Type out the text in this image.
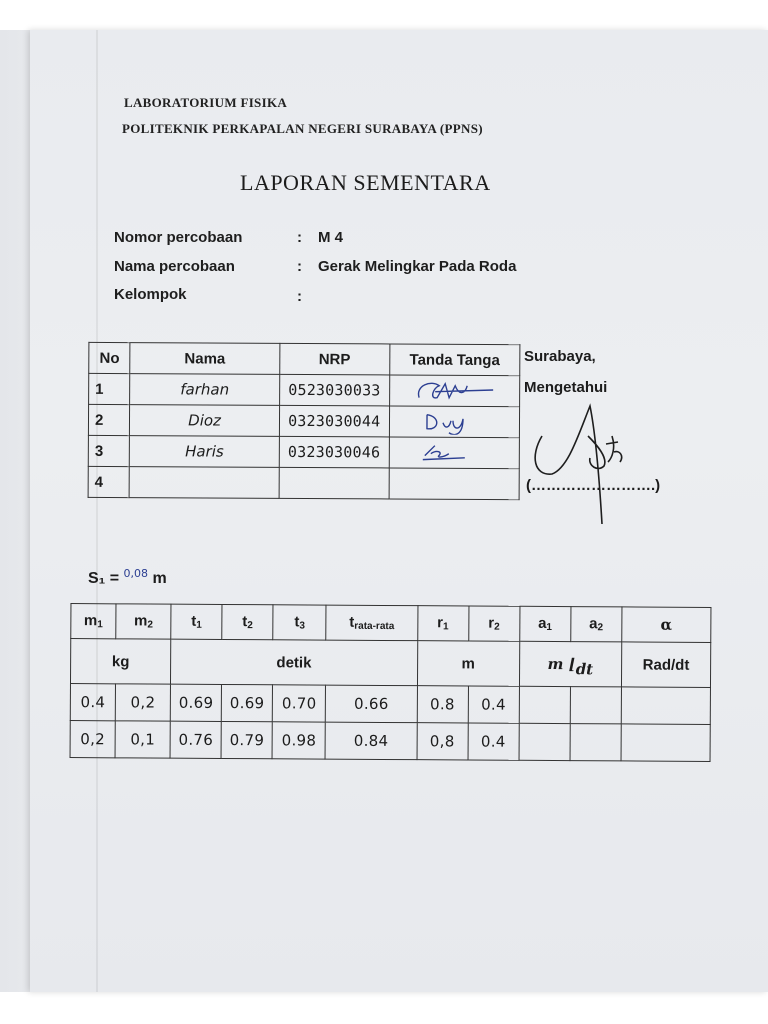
LABORATORIUM FISIKA
POLITEKNIK PERKAPALAN NEGERI SURABAYA (PPNS)
LAPORAN SEMENTARA
Nomor percobaan	: M 4
Nama percobaan	: Gerak Melingkar Pada Roda
Kelompok	:
No	Nama	NRP	Tanda Tanga
1	farhan	0523030033	
2	Dioz	0323030044	
3	Haris	0323030046	
4			
Surabaya,
Mengetahui
(…………………….)
S₁ = $^{0,08}$ m
$m_1$	$m_2$	$t_1$	$t_2$	$t_3$	$t_{rata-rata}$	$r_1$	$r_2$	$a_1$	$a_2$	α
kg		detik				m		m ⌊dt		Rad/dt
0.4	0,2	0.69	0.69	0.70	0.66	0.8	0.4			
0,2	0,1	0.76	0.79	0.98	0.84	0,8	0.4			
